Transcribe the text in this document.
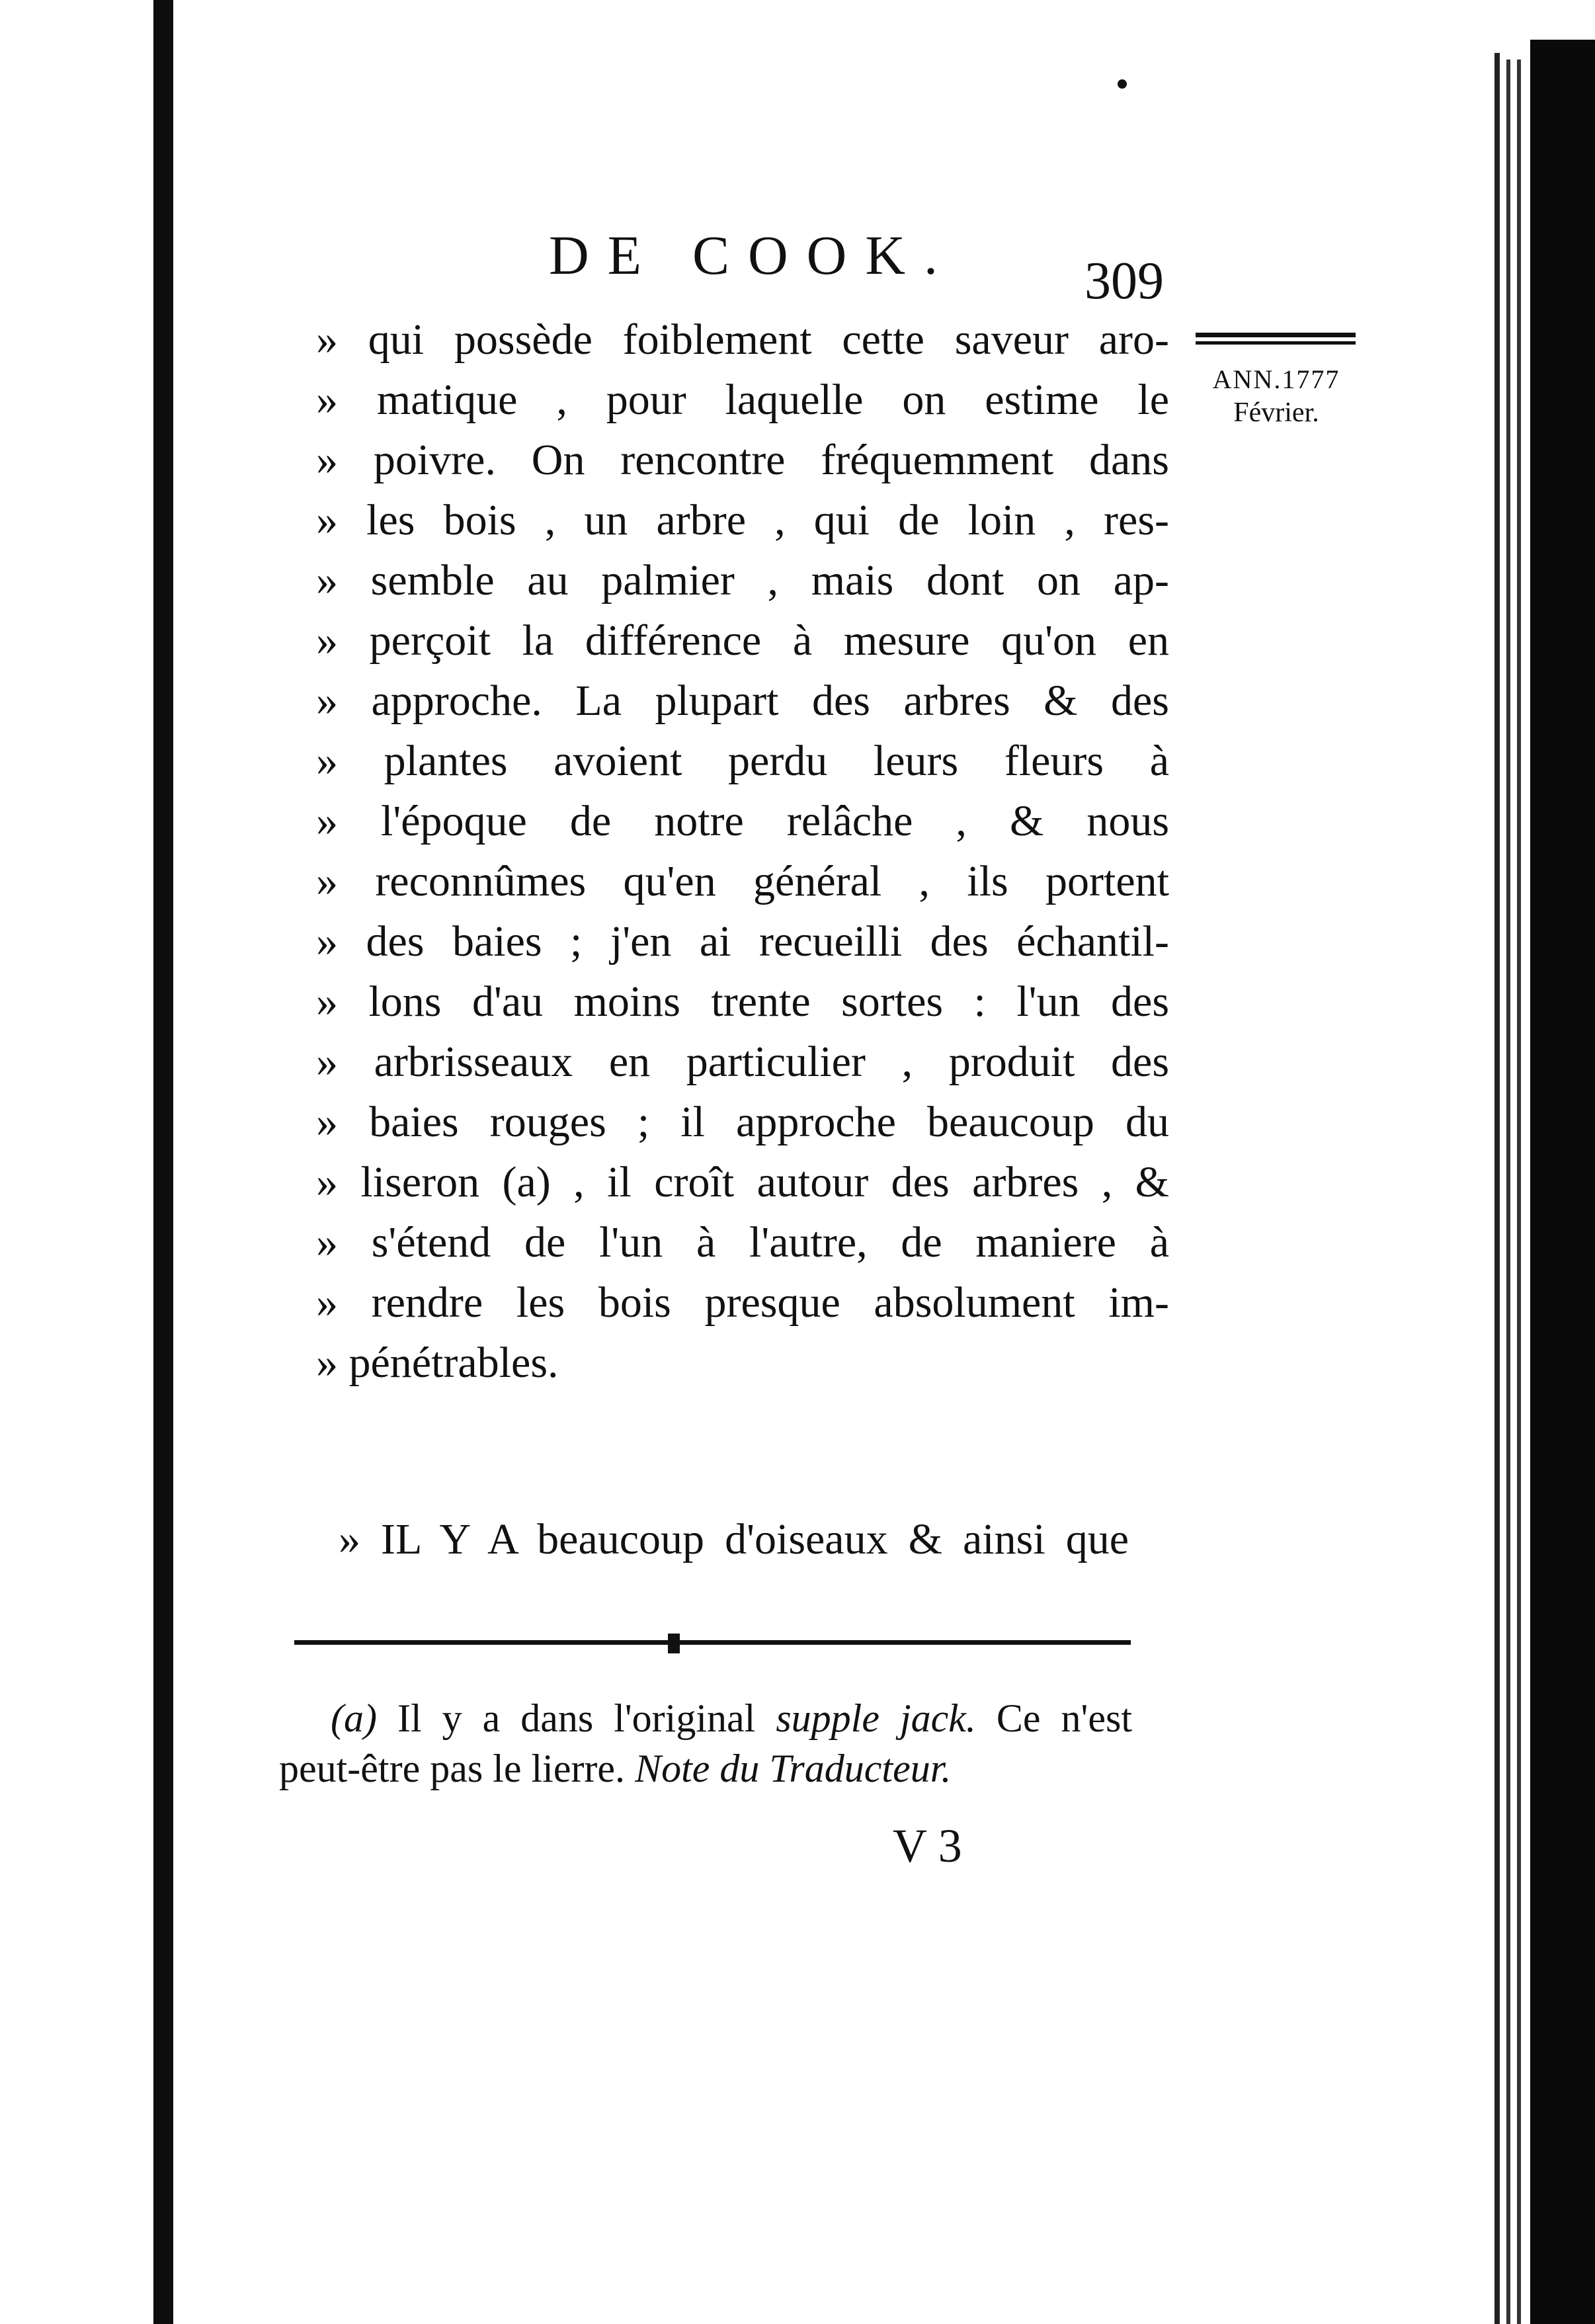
DE COOK. 309
ANN.1777
Février.
» qui possède foiblement cette saveur aro-
» matique , pour laquelle on estime le
» poivre. On rencontre fréquemment dans
» les bois , un arbre , qui de loin , res-
» semble au palmier , mais dont on ap-
» perçoit la différence à mesure qu'on en
» approche. La plupart des arbres & des
» plantes avoient perdu leurs fleurs à
» l'époque de notre relâche , & nous
» reconnûmes qu'en général , ils portent
» des baies ; j'en ai recueilli des échantil-
» lons d'au moins trente sortes : l'un des
» arbrisseaux en particulier , produit des
» baies rouges ; il approche beaucoup du
» liseron (a) , il croît autour des arbres , &
» s'étend de l'un à l'autre, de maniere à
» rendre les bois presque absolument im-
» pénétrables.
» IL Y A beaucoup d'oiseaux & ainsi que
(a) Il y a dans l'original supple jack. Ce n'est
peut-être pas le lierre. Note du Traducteur.
V 3
